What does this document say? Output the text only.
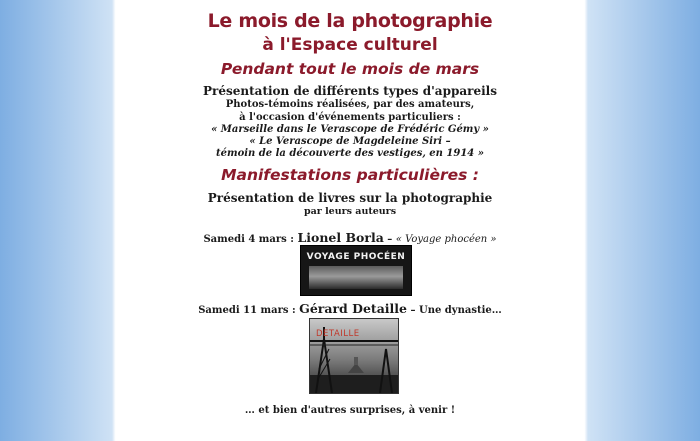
Le mois de la photographie
à l'Espace culturel
Pendant tout le mois de mars
Présentation de différents types d'appareils
Photos-témoins réalisées, par des amateurs,
à l'occasion d'événements particuliers :
« Marseille dans le Verascope de Frédéric Gémy »
« Le Verascope de Magdeleine Siri –
témoin de la découverte des vestiges, en 1914 »
Manifestations particulières :
Présentation de livres sur la photographie
par leurs auteurs
Samedi 4 mars : Lionel Borla – « Voyage phocéen »
VOYAGE PHOCÉEN
Samedi 11 mars : Gérard Detaille – Une dynastie…
DETAILLE
… et bien d'autres surprises, à venir !
